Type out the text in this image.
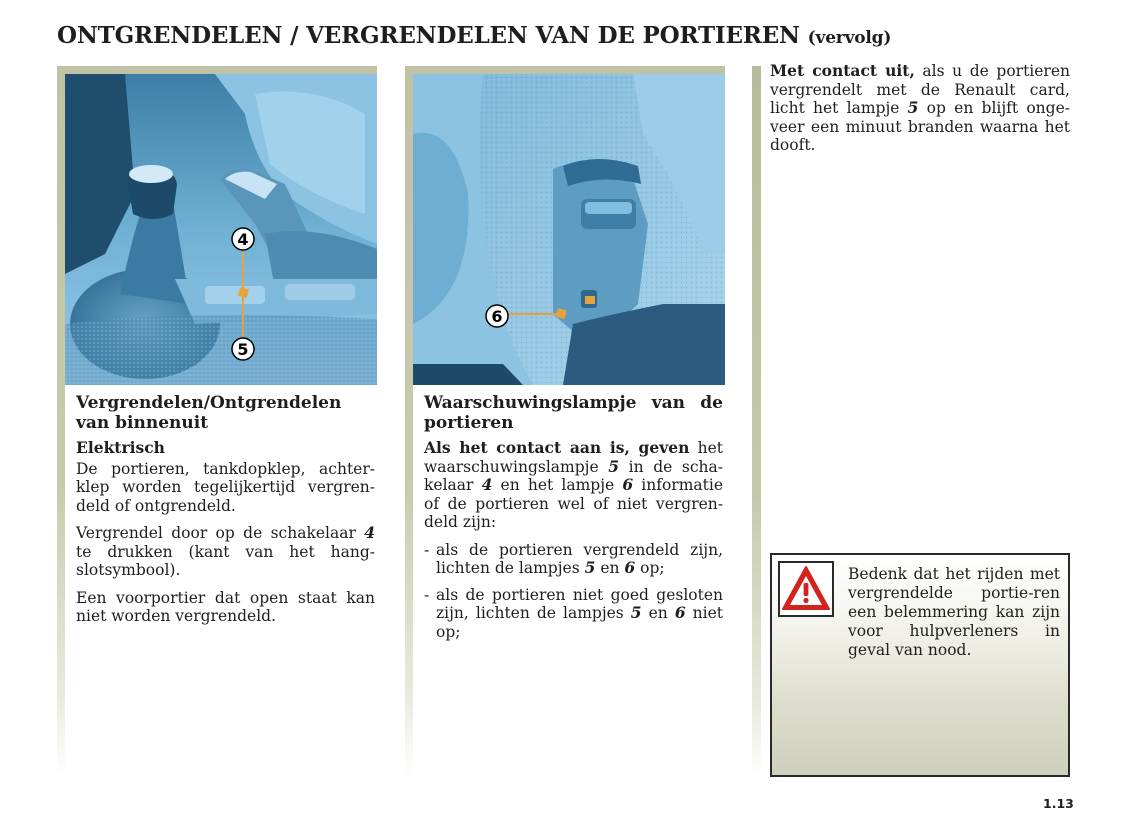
ONTGRENDELEN / VERGRENDELEN VAN DE PORTIEREN (vervolg)
4
5
Vergrendelen/Ontgrendelen van binnenuit
Elektrisch

De portieren, tankdopklep, achter-klep worden tegelijkertijd vergren-deld of ontgrendeld.

Vergrendel door op de schakelaar 4 te drukken (kant van het hang-slotsymbool).

Een voorportier dat open staat kan niet worden vergrendeld.

6
Waarschuwingslampje van de portieren

Als het contact aan is, geven het waarschuwingslampje 5 in de scha-kelaar 4 en het lampje 6 informatie of de portieren wel of niet vergren-deld zijn:

- als de portieren vergrendeld zijn, lichten de lampjes 5 en 6 op;
- als de portieren niet goed gesloten zijn, lichten de lampjes 5 en 6 niet op;

Met contact uit, als u de portieren vergrendelt met de Renault card, licht het lampje 5 op en blijft onge-veer een minuut branden waarna het dooft.

Bedenk dat het rijden met vergrendelde portie-ren een belemmering kan zijn voor hulpverleners in geval van nood.
1.13
